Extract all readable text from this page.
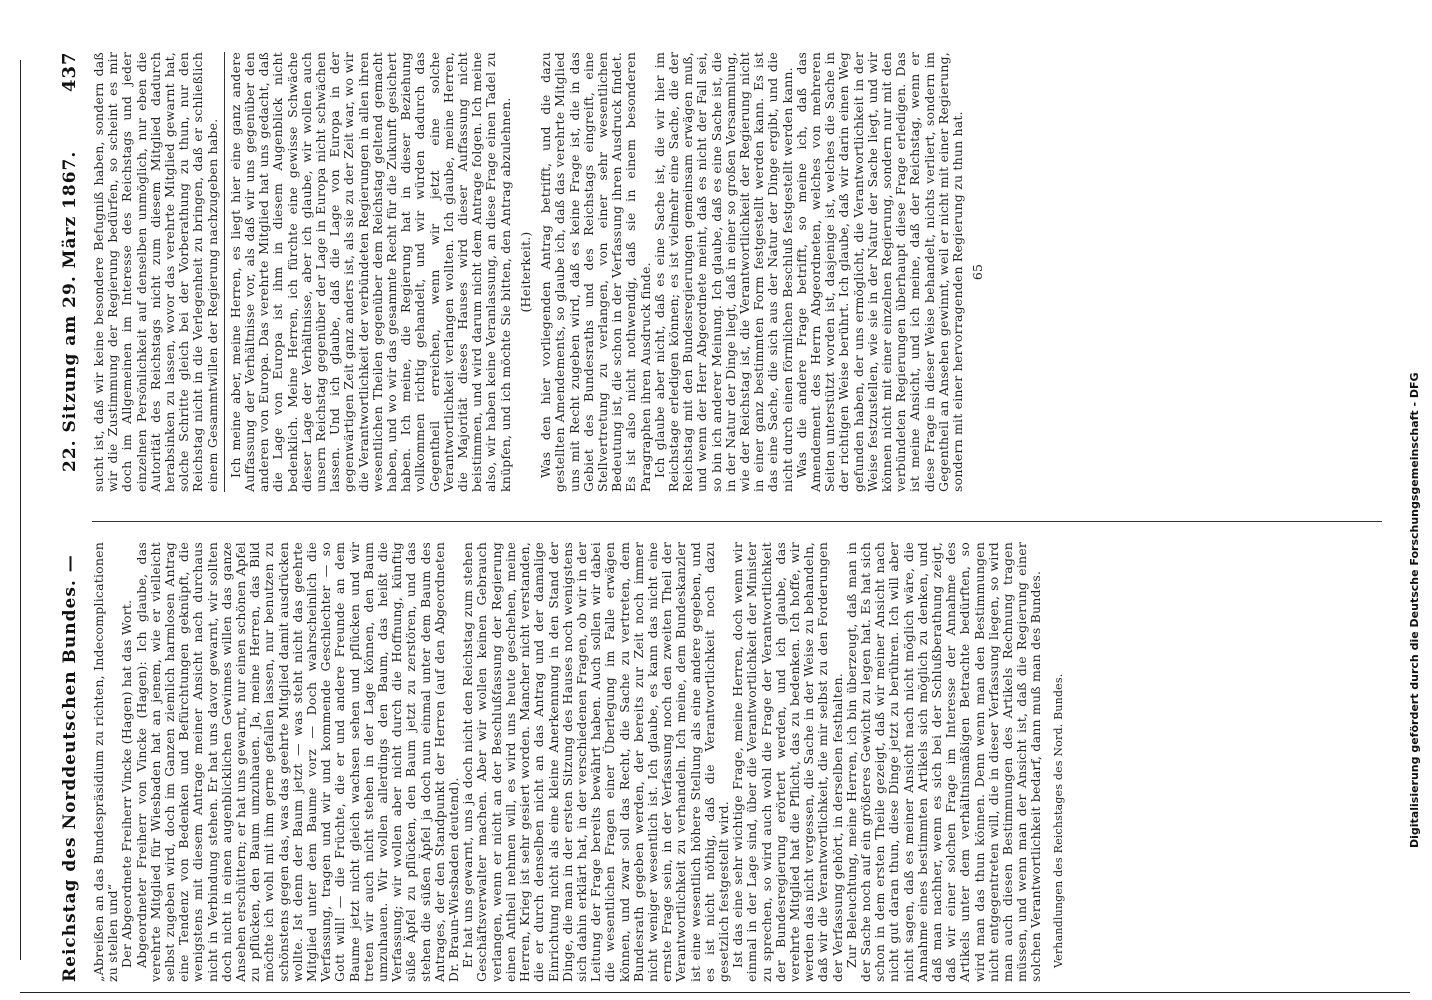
Reichstag des Norddeutschen Bundes. —
22. Sitzung am 29. März 1867.
437

„Abreißen an das Bundespräsidium zu richten, Indecomplicationen zu stellen und“ Der Abgeordnete Freiherr Vincke (Hagen) hat das Wort. Abgeordneter Freiherr von Vincke (Hagen): Ich glaube, das verehrte Mitglied für Wiesbaden hat an jenem, wie er vielleicht selbst zugeben wird, doch im Ganzen ziemlich harmlosen Antrag eine Tendenz von Bedenken und Befürchtungen geknüpft, die wenigstens mit diesem Antrage meiner Ansicht nach durchaus nicht in Verbindung stehen. Er hat uns davor gewarnt, wir sollten doch nicht in einen augenblicklichen Gewinnes willen das ganze Ansehen erschüttern; er hat uns gewarnt, nur einen schönen Apfel zu pflücken, den Baum umzuhauen. Ja, meine Herren, das Bild möchte ich wohl mit ihm gerne gefallen lassen, nur benutzen zu schönstens gegen das, was das geehrte Mitglied damit ausdrücken wollte. Ist denn der Baum jetzt — was steht nicht das geehrte Mitglied unter dem Baume vorz — Doch wahrscheinlich die Verfassung, tragen und wir und kommende Geschlechter — so Gott will! — die Früchte, die er und andere Freunde an dem Baume jetzt nicht gleich wachsen sehen und pflücken und wir treten wir auch nicht stehen in der Lage können, den Baum umzuhauen. Wir wollen allerdings den Baum, das heißt die Verfassung; wir wollen aber nicht durch die Hoffnung, künftig süße Äpfel zu pflücken, den Baum jetzt zu zerstören, und das stehen die süßen Äpfel ja doch nun einmal unter dem Baum des Antrages, der den Standpunkt der Herren (auf den Abgeordneten Dr. Braun-Wiesbaden deutend). Er hat uns gewarnt, uns ja doch nicht den Reichstag zum stehen Geschäftsverwalter machen. Aber wir wollen keinen Gebrauch verlangen, wenn er nicht an der Beschlußfassung der Regierung einen Antheil nehmen will, es wird uns heute geschehen, meine Herren, Krieg ist sehr gesiert worden. Mancher nicht verstanden, die er durch denselben nicht an das Antrag und der damalige Einrichtung nicht als eine kleine Anerkennung in den Stand der Dinge, die man in der ersten Sitzung des Hauses noch wenigstens sich dahin erklärt hat, in der verschiedenen Fragen, ob wir in der Leitung der Frage bereits bewährt haben. Auch sollen wir dabei die wesentlichen Fragen einer Überlegung im Falle erwägen können, und zwar soll das Recht, die Sache zu vertreten, dem Bundesrath gegeben werden, der bereits zur Zeit noch immer nicht weniger wesentlich ist. Ich glaube, es kann das nicht eine ernste Frage sein, in der Verfassung noch den zweiten Theil der Verantwortlichkeit zu verhandeln. Ich meine, dem Bundeskanzler ist eine wesentlich höhere Stellung als eine andere gegeben, und es ist nicht nöthig, daß die Verantwortlichkeit noch dazu gesetzlich festgestellt wird. Ist das eine sehr wichtige Frage, meine Herren, doch wenn wir einmal in der Lage sind, über die Verantwortlichkeit der Minister zu sprechen, so wird auch wohl die Frage der Verantwortlichkeit der Bundesregierung erörtert werden, und ich glaube, das verehrte Mitglied hat die Pflicht, das zu bedenken. Ich hoffe, wir werden das nicht vergessen, die Sache in der Weise zu behandeln, daß wir die Verantwortlichkeit, die mir selbst zu den Forderungen der Verfassung gehört, in derselben festhalten. Zur Beleuchtung, meine Herren, ich bin überzeugt, daß man in der Sache noch auf ein größeres Gewicht zu legen hat. Es hat sich schon in dem ersten Theile gezeigt, daß wir meiner Ansicht nach nicht gut daran thun, diese Dinge jetzt zu berühren. Ich will aber nicht sagen, daß es meiner Ansicht nach nicht möglich wäre, die Annahme eines bestimmten Artikels sich möglich zu denken, und daß man nachher, wenn es sich bei der Schlußberathung zeigt, daß wir einer solchen Frage im Interesse der Annahme des Artikels unter dem verhältnismäßigen Betrachte bedürften, so wird man das thun können. Denn wenn man den Bestimmungen nicht entgegentreten will, die in dieser Verfassung liegen, so wird man auch diesen Bestimmungen des Artikels Rechnung tragen müssen, und wenn man der Ansicht ist, daß die Regierung einer solchen Verantwortlichkeit bedarf, dann muß man des Bundes. Verhandlungen des Reichstages des Nord. Bundes.

sucht ist, daß wir keine besondere Befugniß haben, sondern daß wir die Zustimmung der Regierung bedürfen, so scheint es mir doch im Allgemeinen im Interesse des Reichstags und jeder einzelnen Persönlichkeit auf denselben unmöglich, nur eben die Autorität des Reichstags nicht zum diesem Mitglied dadurch herabsinken zu lassen, wovor das verehrte Mitglied gewarnt hat, solche Schritte gleich bei der Vorberathung zu thun, nur den Reichstag nicht in die Verlegenheit zu bringen, daß er schließlich einem Gesammtwillen der Regierung nachzugeben habe. Ich meine aber, meine Herren, es liegt hier eine ganz andere Auffassung der Verhältnisse vor, als daß wir uns gegenüber den anderen von Europa. Das verehrte Mitglied hat uns gedacht, daß die Lage von Europa ist ihm in diesem Augenblick nicht bedenklich. Meine Herren, ich fürchte eine gewisse Schwäche dieser Lage der Verhältnisse, aber ich glaube, wir wollen auch unsern Reichstag gegenüber der Lage in Europa nicht schwächen lassen. Und ich glaube, daß die Lage von Europa in der gegenwärtigen Zeit ganz anders ist, als sie zu der Zeit war, wo wir die Verantwortlichkeit der verbündeten Regierungen in allen ihren wesentlichen Theilen gegenüber dem Reichstag geltend gemacht haben, und wo wir das gesammte Recht für die Zukunft gesichert haben. Ich meine, die Regierung hat in dieser Beziehung vollkommen richtig gehandelt, und wir würden dadurch das Gegentheil erreichen, wenn wir jetzt eine solche Verantwortlichkeit verlangen wollten. Ich glaube, meine Herren, die Majorität dieses Hauses wird dieser Auffassung nicht beistimmen, und wird darum nicht dem Antrage folgen. Ich meine also, wir haben keine Veranlassung, an diese Frage einen Tadel zu knüpfen, und ich möchte Sie bitten, den Antrag abzulehnen. (Heiterkeit.) Was den hier vorliegenden Antrag betrifft, und die dazu gestellten Amendements, so glaube ich, daß das verehrte Mitglied uns mit Recht zugeben wird, daß es keine Frage ist, die in das Gebiet des Bundesraths und des Reichstags eingreift, eine Stellvertretung zu verlangen, von einer sehr wesentlichen Bedeutung ist, die schon in der Verfassung ihren Ausdruck findet. Es ist also nicht nothwendig, daß sie in einem besonderen Paragraphen ihren Ausdruck finde. Ich glaube aber nicht, daß es eine Sache ist, die wir hier im Reichstage erledigen können; es ist vielmehr eine Sache, die der Reichstag mit den Bundesregierungen gemeinsam erwägen muß, und wenn der Herr Abgeordnete meint, daß es nicht der Fall sei, so bin ich anderer Meinung. Ich glaube, daß es eine Sache ist, die in der Natur der Dinge liegt, daß in einer so großen Versammlung, wie der Reichstag ist, die Verantwortlichkeit der Regierung nicht in einer ganz bestimmten Form festgestellt werden kann. Es ist das eine Sache, die sich aus der Natur der Dinge ergibt, und die nicht durch einen förmlichen Beschluß festgestellt werden kann. Was die andere Frage betrifft, so meine ich, daß das Amendement des Herrn Abgeordneten, welches von mehreren Seiten unterstützt worden ist, dasjenige ist, welches die Sache in der richtigen Weise berührt. Ich glaube, daß wir darin einen Weg gefunden haben, der uns ermöglicht, die Verantwortlichkeit in der Weise festzustellen, wie sie in der Natur der Sache liegt, und wir können nicht mit einer einzelnen Regierung, sondern nur mit den verbündeten Regierungen überhaupt diese Frage erledigen. Das ist meine Ansicht, und ich meine, daß der Reichstag, wenn er diese Frage in dieser Weise behandelt, nichts verliert, sondern im Gegentheil an Ansehen gewinnt, weil er nicht mit einer Regierung, sondern mit einer hervorragenden Regierung zu thun hat. 65

Digitalisierung gefördert durch die Deutsche Forschungsgemeinschaft - DFG
